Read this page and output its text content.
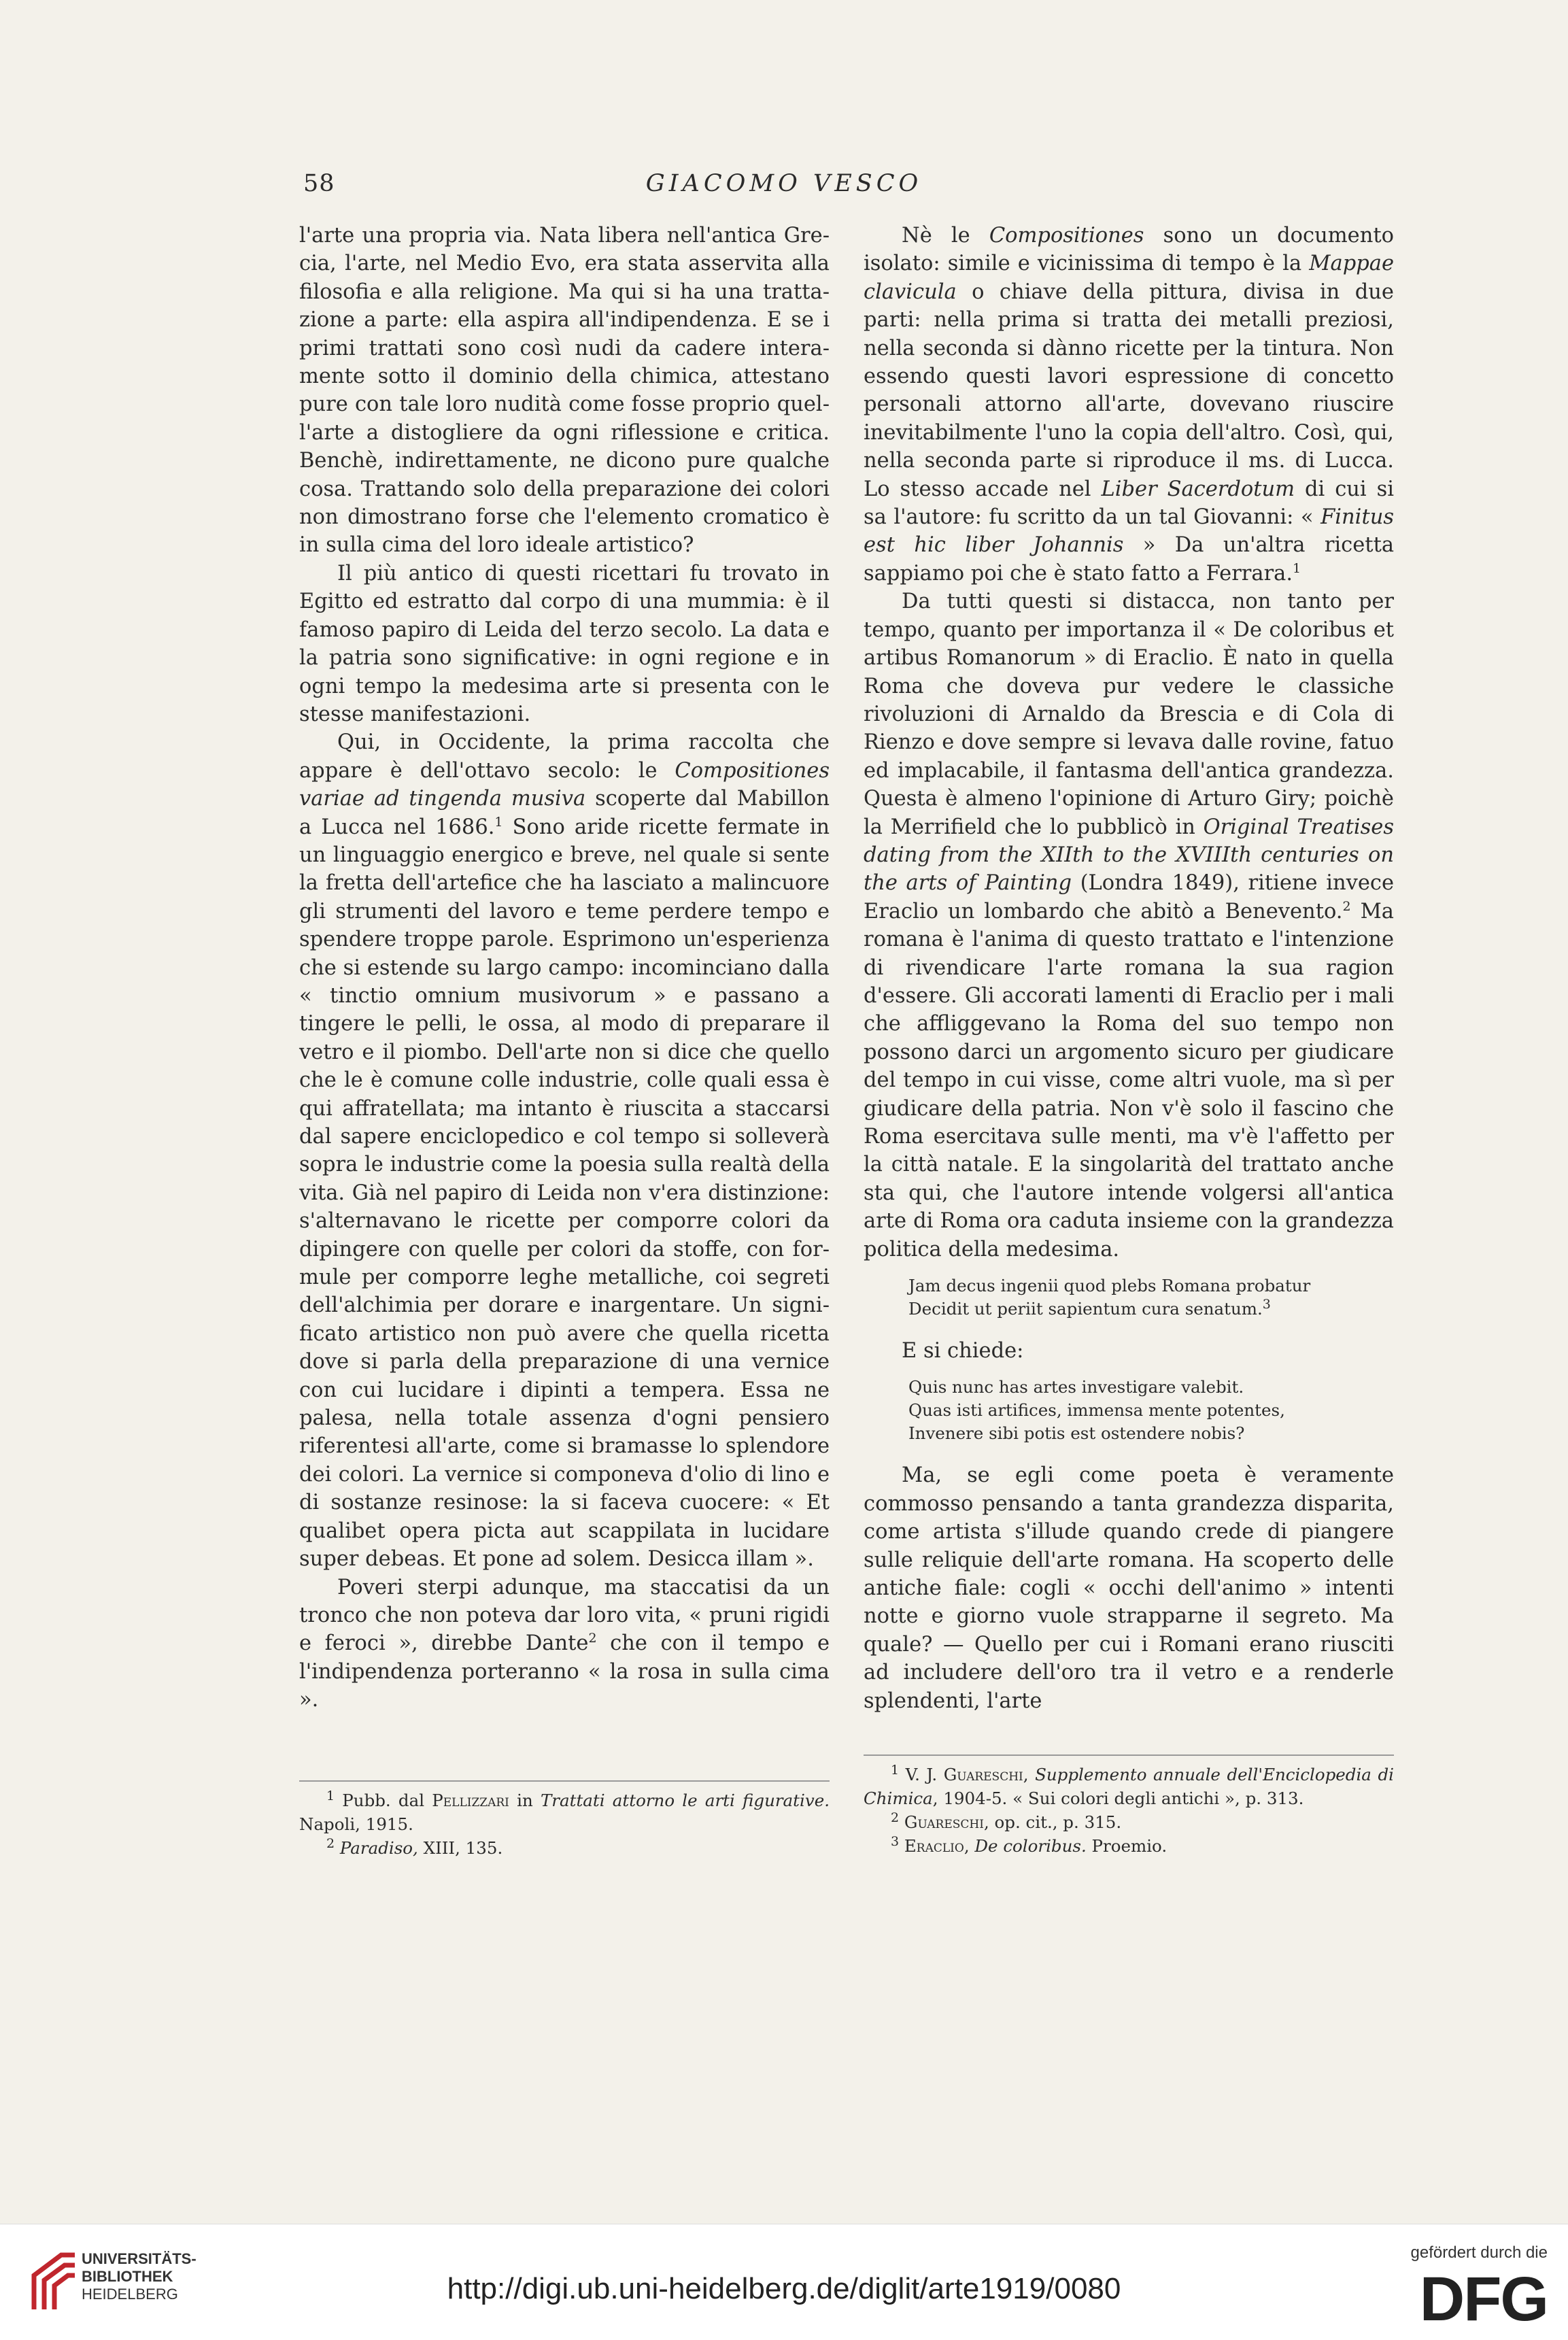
58	GIACOMO VESCO

l'arte una propria via. Nata libera nell'antica Grecia, l'arte, nel Medio Evo, era stata asservita alla filosofia e alla religione. Ma qui si ha una trattazione a parte: ella aspira all'indipendenza. E se i primi trattati sono così nudi da cadere interamente sotto il dominio della chimica, attestano pure con tale loro nudità come fosse proprio quell'arte a distogliere da ogni riflessione e critica. Benchè, indirettamente, ne dicono pure qualche cosa. Trattando solo della preparazione dei colori non dimostrano forse che l'elemento cromatico è in sulla cima del loro ideale artistico?

Il più antico di questi ricettari fu trovato in Egitto ed estratto dal corpo di una mummia: è il famoso papiro di Leida del terzo secolo. La data e la patria sono significative: in ogni regione e in ogni tempo la medesima arte si presenta con le stesse manifestazioni.

Qui, in Occidente, la prima raccolta che appare è dell'ottavo secolo: le Compositiones variae ad tingenda musiva scoperte dal Mabillon a Lucca nel 1686.$^1$ Sono aride ricette fermate in un linguaggio energico e breve, nel quale si sente la fretta dell'artefice che ha lasciato a malincuore gli strumenti del lavoro e teme perdere tempo e spendere troppe parole. Esprimono un'esperienza che si estende su largo campo: incominciano dalla « tinctio omnium musivorum » e passano a tingere le pelli, le ossa, al modo di preparare il vetro e il piombo. Dell'arte non si dice che quello che le è comune colle industrie, colle quali essa è qui affratellata; ma intanto è riuscita a staccarsi dal sapere enciclopedico e col tempo si solleverà sopra le industrie come la poesia sulla realtà della vita. Già nel papiro di Leida non v'era distinzione: s'alternavano le ricette per comporre colori da dipingere con quelle per colori da stoffe, con formule per comporre leghe metalliche, coi segreti dell'alchimia per dorare e inargentare. Un significato artistico non può avere che quella ricetta dove si parla della preparazione di una vernice con cui lucidare i dipinti a tempera. Essa ne palesa, nella totale assenza d'ogni pensiero riferentesi all'arte, come si bramasse lo splendore dei colori. La vernice si componeva d'olio di lino e di sostanze resinose: la si faceva cuocere: « Et qualibet opera picta aut scappilata in lucidare super debeas. Et pone ad solem. Desicca illam ».

Poveri sterpi adunque, ma staccatisi da un tronco che non poteva dar loro vita, « pruni rigidi e feroci », direbbe Dante$^2$ che con il tempo e l'indipendenza porteranno « la rosa in sulla cima ».

Nè le Compositiones sono un documento isolato: simile e vicinissima di tempo è la Mappae clavicula o chiave della pittura, divisa in due parti: nella prima si tratta dei metalli preziosi, nella seconda si dànno ricette per la tintura. Non essendo questi lavori espressione di concetto personali attorno all'arte, dovevano riuscire inevitabilmente l'uno la copia dell'altro. Così, qui, nella seconda parte si riproduce il ms. di Lucca. Lo stesso accade nel Liber Sacerdotum di cui si sa l'autore: fu scritto da un tal Giovanni: « Finitus est hic liber Johannis » Da un'altra ricetta sappiamo poi che è stato fatto a Ferrara.$^1$

Da tutti questi si distacca, non tanto per tempo, quanto per importanza il « De coloribus et artibus Romanorum » di Eraclio. È nato in quella Roma che doveva pur vedere le classiche rivoluzioni di Arnaldo da Brescia e di Cola di Rienzo e dove sempre si levava dalle rovine, fatuo ed implacabile, il fantasma dell'antica grandezza. Questa è almeno l'opinione di Arturo Giry; poichè la Merrifield che lo pubblicò in Original Treatises dating from the XIIth to the XVIIIth centuries on the arts of Painting (Londra 1849), ritiene invece Eraclio un lombardo che abitò a Benevento.$^2$ Ma romana è l'anima di questo trattato e l'intenzione di rivendicare l'arte romana la sua ragion d'essere. Gli accorati lamenti di Eraclio per i mali che affliggevano la Roma del suo tempo non possono darci un argomento sicuro per giudicare del tempo in cui visse, come altri vuole, ma sì per giudicare della patria. Non v'è solo il fascino che Roma esercitava sulle menti, ma v'è l'affetto per la città natale. E la singolarità del trattato anche sta qui, che l'autore intende volgersi all'antica arte di Roma ora caduta insieme con la grandezza politica della medesima.

Jam decus ingenii quod plebs Romana probatur
Decidit ut periit sapientum cura senatum.$^3$

E si chiede:

Quis nunc has artes investigare valebit.
Quas isti artifices, immensa mente potentes,
Invenere sibi potis est ostendere nobis?

Ma, se egli come poeta è veramente commosso pensando a tanta grandezza disparita, come artista s'illude quando crede di piangere sulle reliquie dell'arte romana. Ha scoperto delle antiche fiale: cogli « occhi dell'animo » intenti notte e giorno vuole strapparne il segreto. Ma quale? — Quello per cui i Romani erano riusciti ad includere dell'oro tra il vetro e a renderle splendenti, l'arte

$^1$ Pubb. dal Pellizzari in Trattati attorno le arti figurative. Napoli, 1915.

$^2$ Paradiso, XIII, 135.

$^1$ V. J. Guareschi, Supplemento annuale dell'Enciclopedia di Chimica, 1904-5. « Sui colori degli antichi », p. 313.

$^2$ Guareschi, op. cit., p. 315.

$^3$ Eraclio, De coloribus. Proemio.

UNIVERSITÄTS-
BIBLIOTHEK
HEIDELBERG	http://digi.ub.uni-heidelberg.de/diglit/arte1919/0080
gefördert durch die
DFG
